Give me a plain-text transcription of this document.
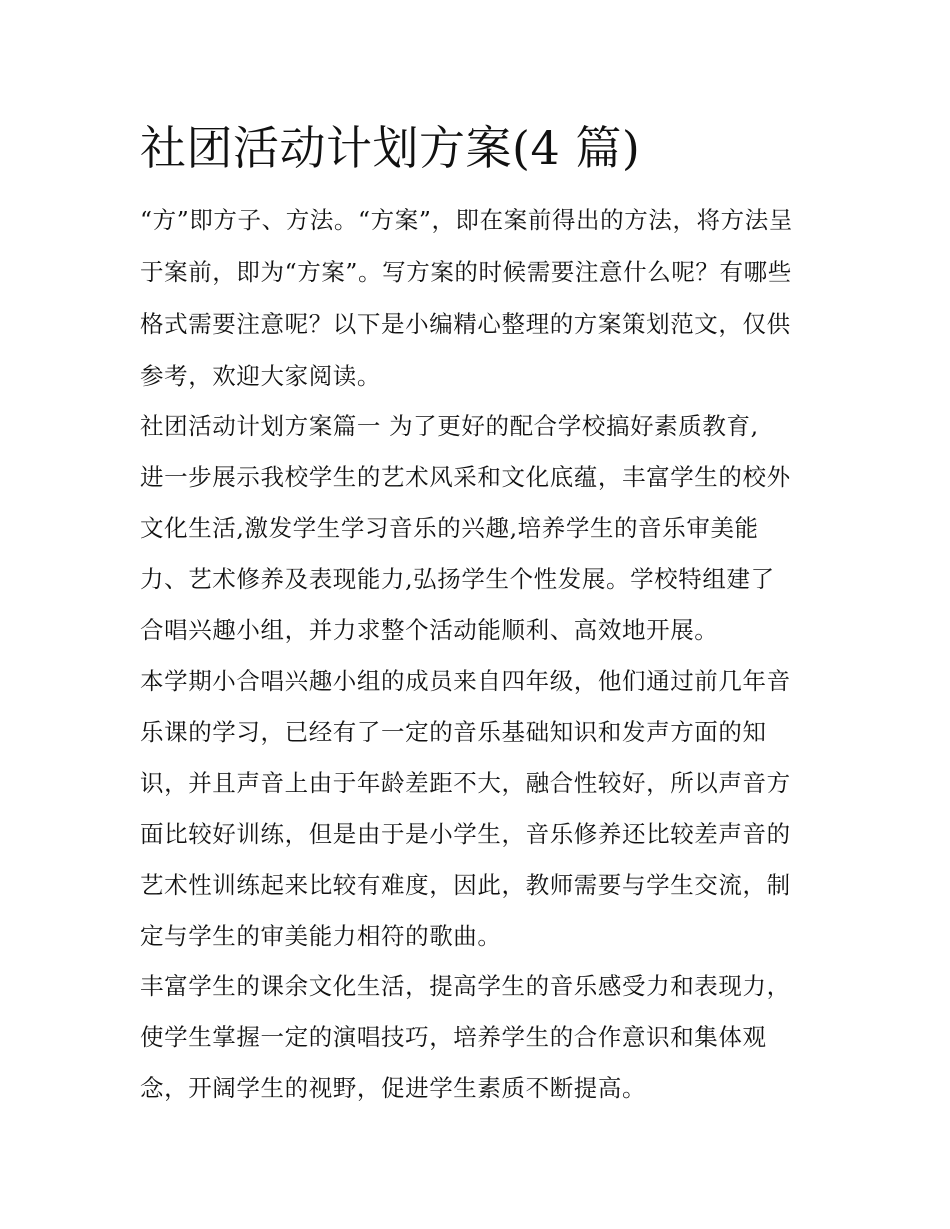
社团活动计划方案(4 篇)

“方”即方子、方法。“方案”，即在案前得出的方法，将方法呈

于案前，即为“方案”。写方案的时候需要注意什么呢？有哪些

格式需要注意呢？以下是小编精心整理的方案策划范文，仅供

参考，欢迎大家阅读。

社团活动计划方案篇一 为了更好的配合学校搞好素质教育,

进一步展示我校学生的艺术风采和文化底蕴，丰富学生的校外

文化生活,激发学生学习音乐的兴趣,培养学生的音乐审美能

力、艺术修养及表现能力,弘扬学生个性发展。学校特组建了

合唱兴趣小组，并力求整个活动能顺利、高效地开展。

本学期小合唱兴趣小组的成员来自四年级，他们通过前几年音

乐课的学习，已经有了一定的音乐基础知识和发声方面的知

识，并且声音上由于年龄差距不大，融合性较好，所以声音方

面比较好训练，但是由于是小学生，音乐修养还比较差声音的

艺术性训练起来比较有难度，因此，教师需要与学生交流，制

定与学生的审美能力相符的歌曲。

丰富学生的课余文化生活，提高学生的音乐感受力和表现力，

使学生掌握一定的演唱技巧，培养学生的合作意识和集体观

念，开阔学生的视野，促进学生素质不断提高。
